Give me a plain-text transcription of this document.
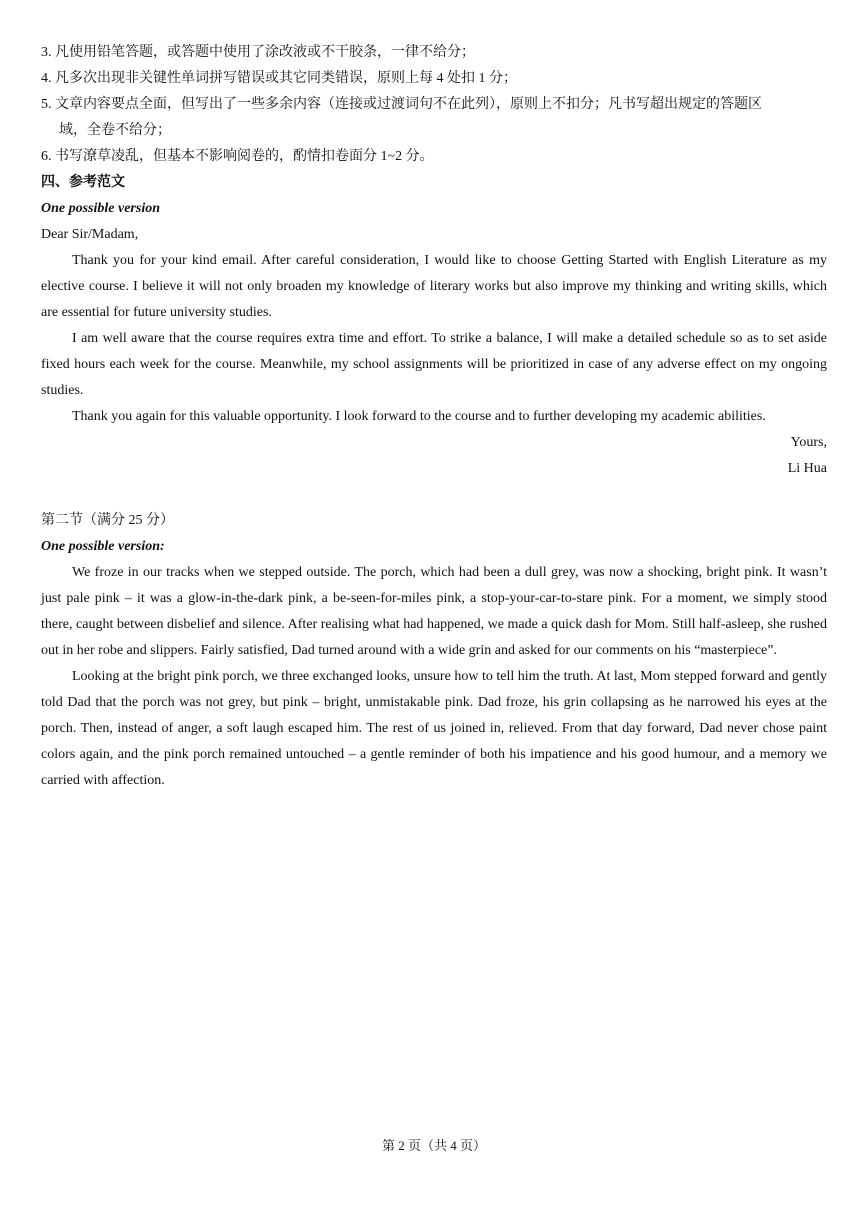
3. 凡使用铅笔答题，或答题中使用了涂改液或不干胶条，一律不给分；
4. 凡多次出现非关键性单词拼写错误或其它同类错误，原则上每 4 处扣 1 分；
5. 文章内容要点全面，但写出了一些多余内容（连接或过渡词句不在此列），原则上不扣分；凡书写超出规定的答题区
域，全卷不给分；
6. 书写潦草凌乱，但基本不影响阅卷的，酌情扣卷面分 1~2 分。

四、参考范文

One possible version

Dear Sir/Madam,

Thank you for your kind email. After careful consideration, I would like to choose Getting Started with English Literature as my elective course. I believe it will not only broaden my knowledge of literary works but also improve my thinking and writing skills, which are essential for future university studies.

I am well aware that the course requires extra time and effort. To strike a balance, I will make a detailed schedule so as to set aside fixed hours each week for the course. Meanwhile, my school assignments will be prioritized in case of any adverse effect on my ongoing studies.

Thank you again for this valuable opportunity. I look forward to the course and to further developing my academic abilities.

Yours,

Li Hua

第二节（满分 25 分）

One possible version:

We froze in our tracks when we stepped outside. The porch, which had been a dull grey, was now a shocking, bright pink. It wasn’t just pale pink – it was a glow-in-the-dark pink, a be-seen-for-miles pink, a stop-your-car-to-stare pink. For a moment, we simply stood there, caught between disbelief and silence. After realising what had happened, we made a quick dash for Mom. Still half-asleep, she rushed out in her robe and slippers. Fairly satisfied, Dad turned around with a wide grin and asked for our comments on his “masterpiece”.

Looking at the bright pink porch, we three exchanged looks, unsure how to tell him the truth. At last, Mom stepped forward and gently told Dad that the porch was not grey, but pink – bright, unmistakable pink. Dad froze, his grin collapsing as he narrowed his eyes at the porch. Then, instead of anger, a soft laugh escaped him. The rest of us joined in, relieved. From that day forward, Dad never chose paint colors again, and the pink porch remained untouched – a gentle reminder of both his impatience and his good humour, and a memory we carried with affection.

第 2 页（共 4 页）
